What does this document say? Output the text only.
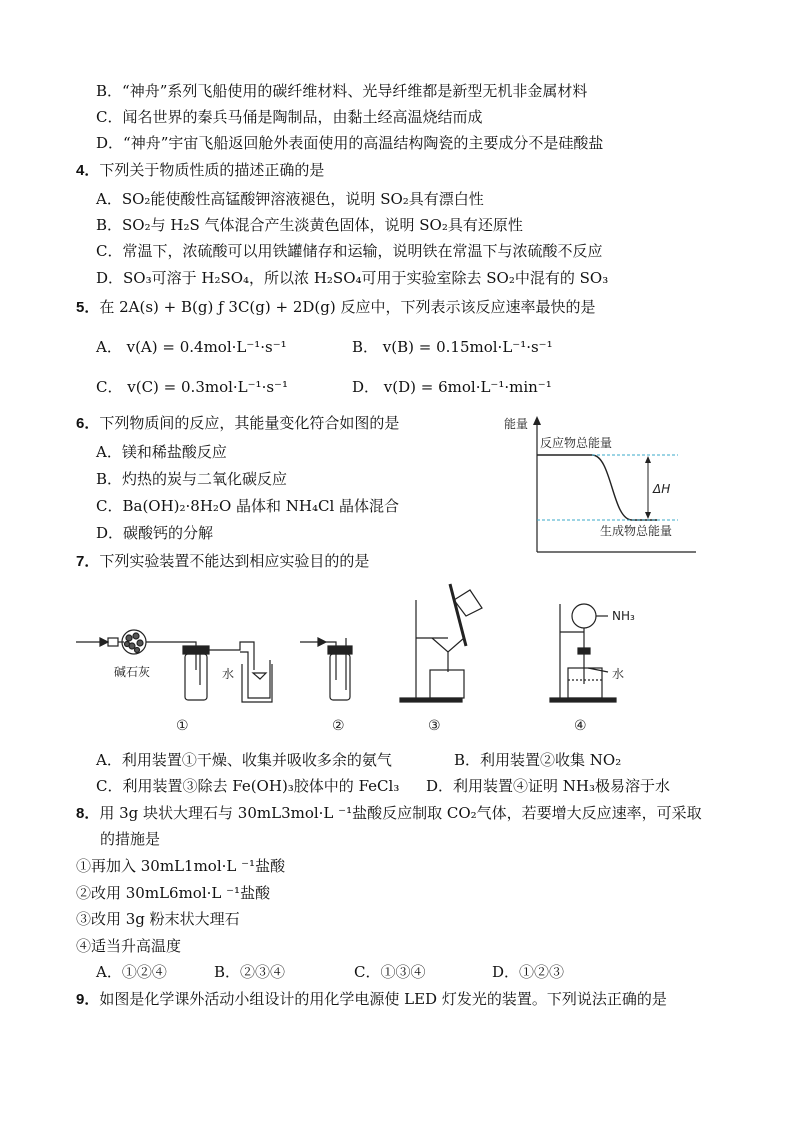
B．“神舟”系列飞船使用的碳纤维材料、光导纤维都是新型无机非金属材料
C．闻名世界的秦兵马俑是陶制品，由黏土经高温烧结而成
D．“神舟”宇宙飞船返回舱外表面使用的高温结构陶瓷的主要成分不是硅酸盐
4．下列关于物质性质的描述正确的是
A．SO₂能使酸性高锰酸钾溶液褪色，说明 SO₂具有漂白性
B．SO₂与 H₂S 气体混合产生淡黄色固体，说明 SO₂具有还原性
C．常温下，浓硫酸可以用铁罐储存和运输，说明铁在常温下与浓硫酸不反应
D．SO₃可溶于 H₂SO₄，所以浓 H₂SO₄可用于实验室除去 SO₂中混有的 SO₃
5．在 2A(s) + B(g) ƒ 3C(g) + 2D(g) 反应中，下列表示该反应速率最快的是
A． v(A) = 0.4mol·L⁻¹·s⁻¹	B． v(B) = 0.15mol·L⁻¹·s⁻¹
C． v(C) = 0.3mol·L⁻¹·s⁻¹	D． v(D) = 6mol·L⁻¹·min⁻¹
6．下列物质间的反应，其能量变化符合如图的是
A．镁和稀盐酸反应
B．灼热的炭与二氧化碳反应
C．Ba(OH)₂·8H₂O 晶体和 NH₄Cl 晶体混合
D．碳酸钙的分解
能量
反应物总能量
ΔH
生成物总能量
7．下列实验装置不能达到相应实验目的的是
碱石灰	水
①	②	③
NH₃
水
④
A．利用装置①干燥、收集并吸收多余的氨气	B．利用装置②收集 NO₂
C．利用装置③除去 Fe(OH)₃胶体中的 FeCl₃ D．利用装置④证明 NH₃极易溶于水
8．用 3g 块状大理石与 30mL3mol·L ⁻¹盐酸反应制取 CO₂气体，若要增大反应速率，可采取
的措施是
①再加入 30mL1mol·L ⁻¹盐酸
②改用 30mL6mol·L ⁻¹盐酸
③改用 3g 粉末状大理石
④适当升高温度
A．①②④	B．②③④	C．①③④	D．①②③
9．如图是化学课外活动小组设计的用化学电源使 LED 灯发光的装置。下列说法正确的是
